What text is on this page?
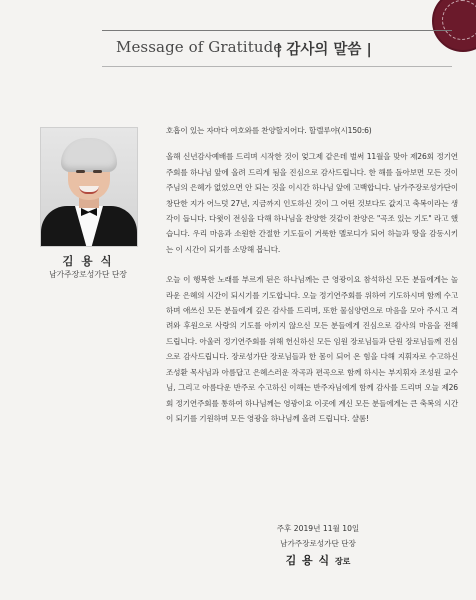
Message of Gratitude
| 감사의 말씀 |
김 용 식
남가주장로성가단 단장

호흡이 있는 자마다 여호와를 찬양할지어다. 할렐루야(시150:6)

올해 신년감사예배를 드리며 시작한 것이 엊그제 같은데 벌써 11월을 맞아 제26회 정기연주회를 하나님 앞에 올려 드리게 됨을 진심으로 감사드립니다. 한 해를 돌아보면 모든 것이 주님의 은혜가 없었으면 안 되는 것을 이시간 하나님 앞에 고백합니다. 남가주장로성가단이 창단한 지가 어느덧 27년, 지금까지 인도하신 것이 그 어떤 것보다도 값지고 축복이라는 생각이 듭니다. 다윗이 전심을 다해 하나님을 찬양한 것같이 찬양은 "곡조 있는 기도" 라고 했습니다. 우리 마음과 소원한 간절한 기도들이 거룩한 멜로디가 되어 하늘과 땅을 감동시키는 이 시간이 되기를 소망해 봅니다.

오늘 이 행복한 노래를 부르게 된은 하나님께는 큰 영광이요 참석하신 모든 분들에게는 놀라운 은혜의 시간이 되시기를 기도합니다. 오늘 정기연주회를 위하여 기도하시며 함께 수고하며 애쓰신 모든 분들에게 깊은 감사를 드리며, 또한 물심양면으로 마음을 모아 주시고 격려와 후원으로 사랑의 기도를 아끼지 않으신 모든 분들에게 진심으로 감사의 마음을 전해 드립니다. 아울러 정기연주회를 위해 헌신하신 모든 임원 장로님들과 단원 장로님들께 진심으로 감사드립니다. 장로성가단 장로님들과 한 몸이 되어 온 힘을 다해 지휘자로 수고하신 조성환 목사님과 아름답고 은혜스러운 작곡과 편곡으로 함께 하시는 부지휘자 조성원 교수님, 그리고 아름다운 반주로 수고하신 이해는 반주자님에게 함께 감사를 드리며 오늘 제26회 정기연주회를 통하여 하나님께는 영광이요 이곳에 계신 모든 분들에게는 큰 축복의 시간이 되기를 기원하며 모든 영광을 하나님께 올려 드립니다. 샬롬!

주후 2019년 11월 10일
남가주장로성가단 단장
김 용 식 장로
